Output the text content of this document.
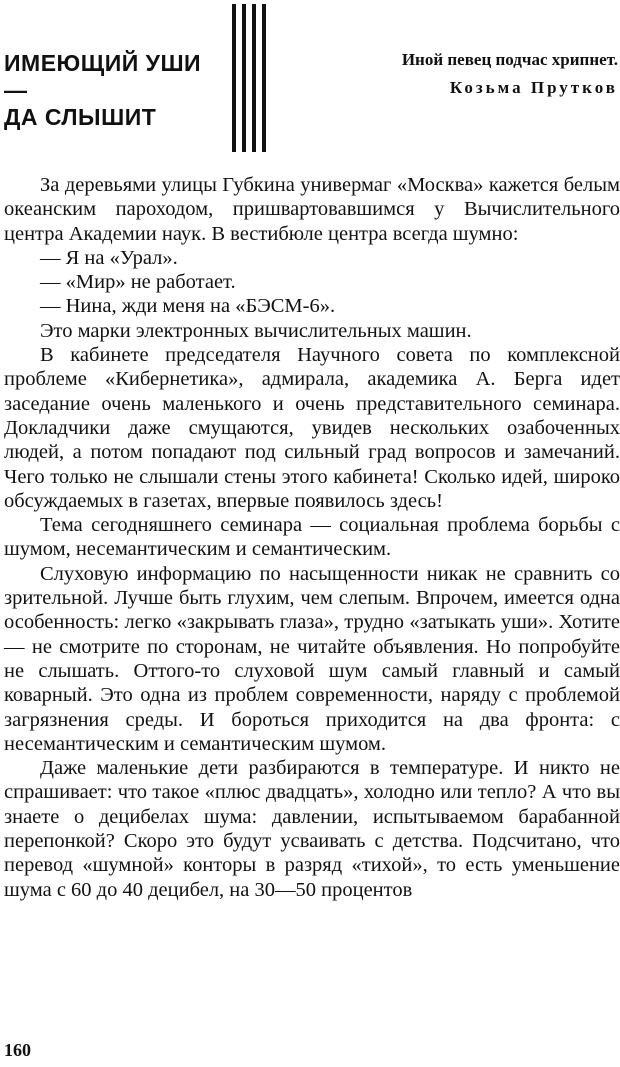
ИМЕЮЩИЙ УШИ —
ДА СЛЫШИТ
Иной певец подчас хрипнет.
Козьма Прутков

За деревьями улицы Губкина универмаг «Москва» кажется белым океанским пароходом, пришвартовавшимся у Вычислительного центра Академии наук. В вестибюле центра всегда шумно:

— Я на «Урал».

— «Мир» не работает.

— Нина, жди меня на «БЭСМ-6».

Это марки электронных вычислительных машин.

В кабинете председателя Научного совета по комплексной проблеме «Кибернетика», адмирала, академика А. Берга идет заседание очень маленького и очень представительного семинара. Докладчики даже смущаются, увидев нескольких озабоченных людей, а потом попадают под сильный град вопросов и замечаний. Чего только не слышали стены этого кабинета! Сколько идей, широко обсуждаемых в газетах, впервые появилось здесь!

Тема сегодняшнего семинара — социальная проблема борьбы с шумом, несемантическим и семантическим.

Слуховую информацию по насыщенности никак не сравнить со зрительной. Лучше быть глухим, чем слепым. Впрочем, имеется одна особенность: легко «закрывать глаза», трудно «затыкать уши». Хотите — не смотрите по сторонам, не читайте объявления. Но попробуйте не слышать. Оттого-то слуховой шум самый главный и самый коварный. Это одна из проблем современности, наряду с проблемой загрязнения среды. И бороться приходится на два фронта: с несемантическим и семантическим шумом.

Даже маленькие дети разбираются в температуре. И никто не спрашивает: что такое «плюс двадцать», холодно или тепло? А что вы знаете о децибелах шума: давлении, испытываемом барабанной перепонкой? Скоро это будут усваивать с детства. Подсчитано, что перевод «шумной» конторы в разряд «тихой», то есть уменьшение шума с 60 до 40 децибел, на 30—50 процентов

160
